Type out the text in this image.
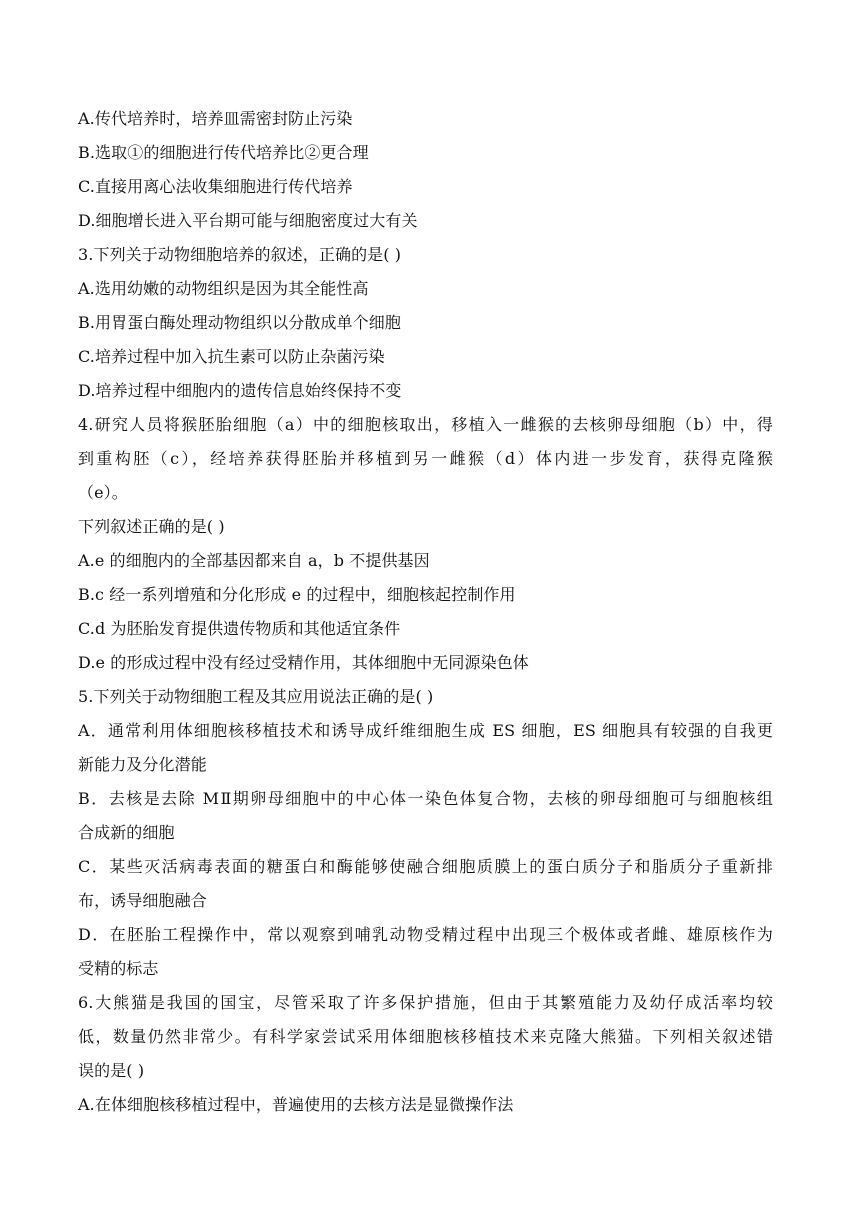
A.传代培养时，培养皿需密封防止污染
B.选取①的细胞进行传代培养比②更合理
C.直接用离心法收集细胞进行传代培养
D.细胞增长进入平台期可能与细胞密度过大有关
3.下列关于动物细胞培养的叙述，正确的是( )
A.选用幼嫩的动物组织是因为其全能性高
B.用胃蛋白酶处理动物组织以分散成单个细胞
C.培养过程中加入抗生素可以防止杂菌污染
D.培养过程中细胞内的遗传信息始终保持不变
4.研究人员将猴胚胎细胞（a）中的细胞核取出，移植入一雌猴的去核卵母细胞（b）中，得
到重构胚（c），经培养获得胚胎并移植到另一雌猴（d）体内进一步发育，获得克隆猴
（e）。
下列叙述正确的是( )
A.e 的细胞内的全部基因都来自 a，b 不提供基因
B.c 经一系列增殖和分化形成 e 的过程中，细胞核起控制作用
C.d 为胚胎发育提供遗传物质和其他适宜条件
D.e 的形成过程中没有经过受精作用，其体细胞中无同源染色体
5.下列关于动物细胞工程及其应用说法正确的是( )
A．通常利用体细胞核移植技术和诱导成纤维细胞生成 ES 细胞，ES 细胞具有较强的自我更
新能力及分化潜能
B．去核是去除 MⅡ期卵母细胞中的中心体一染色体复合物，去核的卵母细胞可与细胞核组
合成新的细胞
C．某些灭活病毒表面的糖蛋白和酶能够使融合细胞质膜上的蛋白质分子和脂质分子重新排
布，诱导细胞融合
D．在胚胎工程操作中，常以观察到哺乳动物受精过程中出现三个极体或者雌、雄原核作为
受精的标志
6.大熊猫是我国的国宝，尽管采取了许多保护措施，但由于其繁殖能力及幼仔成活率均较
低，数量仍然非常少。有科学家尝试采用体细胞核移植技术来克隆大熊猫。下列相关叙述错
误的是( )
A.在体细胞核移植过程中，普遍使用的去核方法是显微操作法
